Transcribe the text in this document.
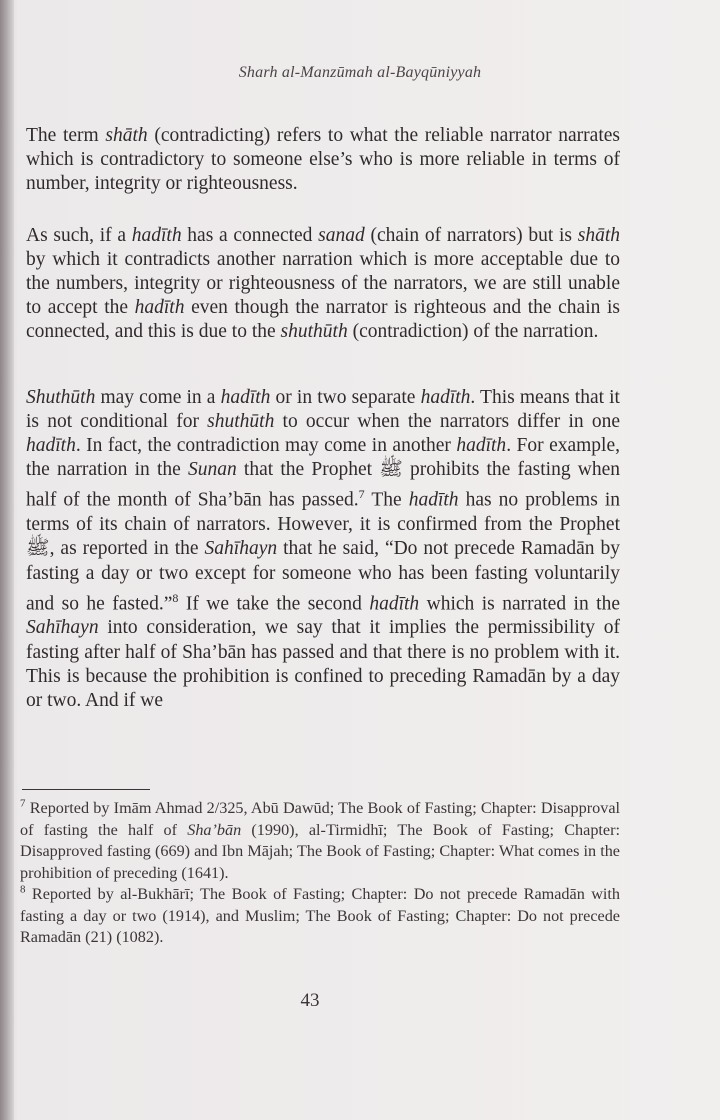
Sharh al-Manzūmah al-Bayqūniyyah

The term shāth (contradicting) refers to what the reliable narrator narrates which is contradictory to someone else’s who is more reliable in terms of number, integrity or righteousness.

As such, if a hadīth has a connected sanad (chain of narrators) but is shāth by which it contradicts another narration which is more acceptable due to the numbers, integrity or righteousness of the narrators, we are still unable to accept the hadīth even though the narrator is righteous and the chain is connected, and this is due to the shuthūth (contradiction) of the narration.

Shuthūth may come in a hadīth or in two separate hadīth. This means that it is not conditional for shuthūth to occur when the narrators differ in one hadīth. In fact, the contradiction may come in another hadīth. For example, the narration in the Sunan that the Prophet ﷺ prohibits the fasting when half of the month of Sha’bān has passed.$^7$ The hadīth has no problems in terms of its chain of narrators. However, it is confirmed from the Prophet ﷺ, as reported in the Sahīhayn that he said, “Do not precede Ramadān by fasting a day or two except for someone who has been fasting voluntarily and so he fasted.”$^8$ If we take the second hadīth which is narrated in the Sahīhayn into consideration, we say that it implies the permissibility of fasting after half of Sha’bān has passed and that there is no problem with it. This is because the prohibition is confined to preceding Ramadān by a day or two. And if we

$^7$ Reported by Imām Ahmad 2/325, Abū Dawūd; The Book of Fasting; Chapter: Disapproval of fasting the half of Sha’bān (1990), al-Tirmidhī; The Book of Fasting; Chapter: Disapproved fasting (669) and Ibn Mājah; The Book of Fasting; Chapter: What comes in the prohibition of preceding (1641).

$^8$ Reported by al-Bukhārī; The Book of Fasting; Chapter: Do not precede Ramadān with fasting a day or two (1914), and Muslim; The Book of Fasting; Chapter: Do not precede Ramadān (21) (1082).

43
